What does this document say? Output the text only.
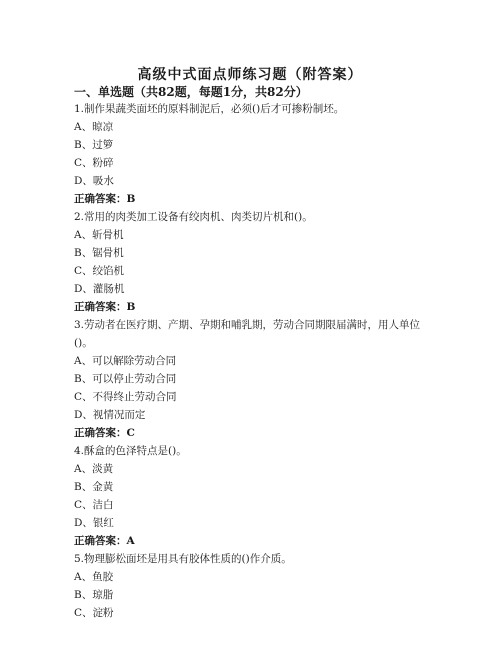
高级中式面点师练习题（附答案）
一、单选题（共82题，每题1分，共82分）

1.制作果蔬类面坯的原料制泥后，必须()后才可掺粉制坯。

A、晾凉

B、过箩

C、粉碎

D、吸水

正确答案：B

2.常用的肉类加工设备有绞肉机、肉类切片机和()。

A、斩骨机

B、锯骨机

C、绞馅机

D、灌肠机

正确答案：B

3.劳动者在医疗期、产期、孕期和哺乳期，劳动合同期限届满时，用人单位

()。

A、可以解除劳动合同

B、可以停止劳动合同

C、不得终止劳动合同

D、视情况而定

正确答案：C

4.酥盒的色泽特点是()。

A、淡黄

B、金黄

C、洁白

D、银红

正确答案：A

5.物理膨松面坯是用具有胶体性质的()作介质。

A、鱼胶

B、琼脂

C、淀粉
